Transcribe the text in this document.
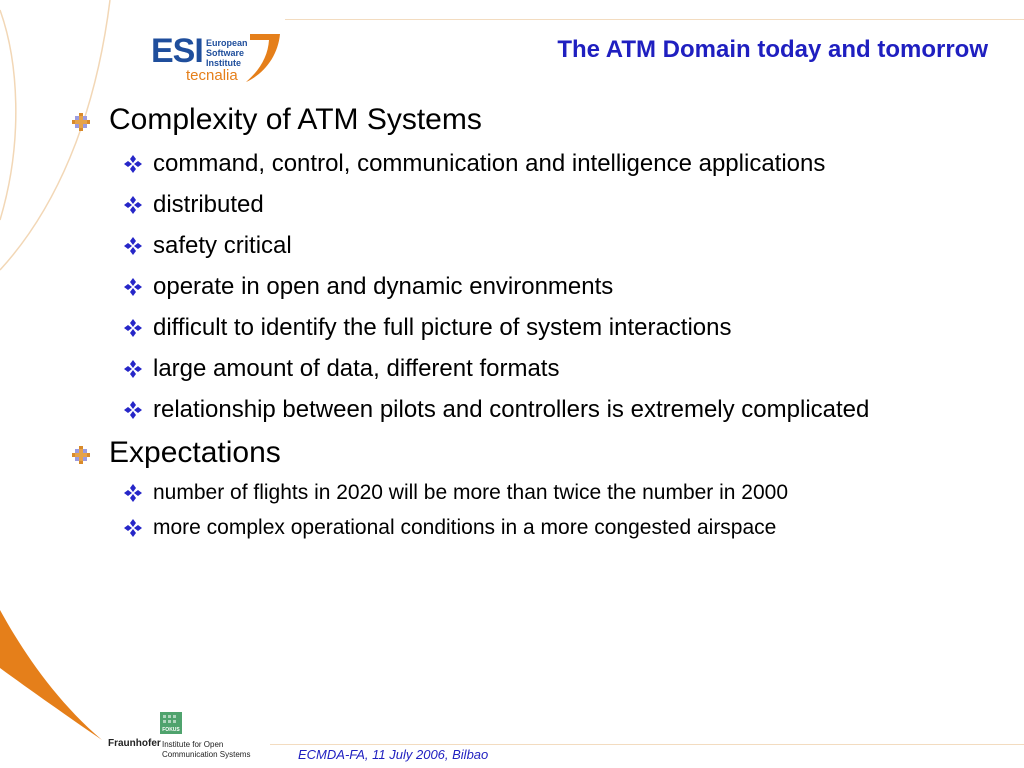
ESI European
Software
Institute
tecnalia
The ATM Domain today and tomorrow
Complexity of ATM Systems
command, control, communication and intelligence applications
distributed
safety critical
operate in open and dynamic environments
difficult to identify the full picture of system interactions
large amount of data, different formats
relationship between pilots and controllers is extremely complicated
Expectations
number of flights in 2020 will be more than twice the number in 2000
more complex operational conditions in a more congested airspace
FOKUS
Fraunhofer Institute for Open
Communication Systems	ECMDA-FA, 11 July 2006, Bilbao
